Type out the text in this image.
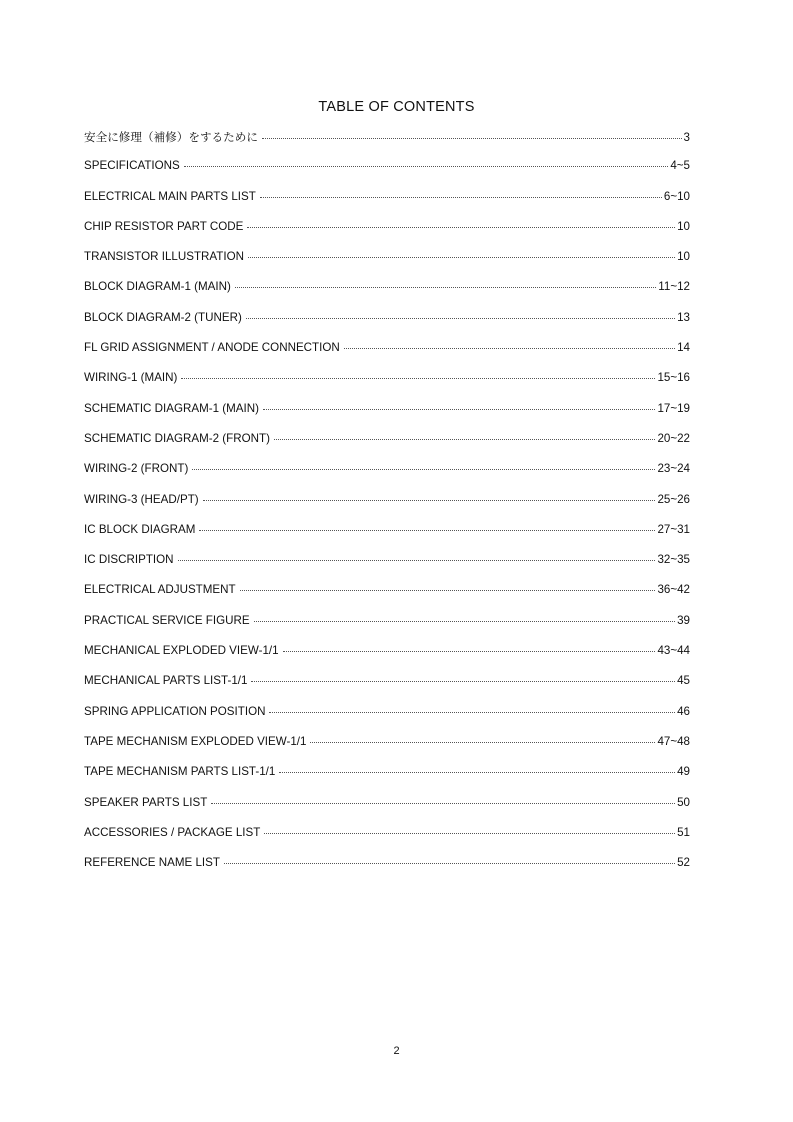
TABLE OF CONTENTS
安全に修理（補修）をするために	3
SPECIFICATIONS	4~5
ELECTRICAL MAIN PARTS LIST	6~10
CHIP RESISTOR PART CODE	10
TRANSISTOR ILLUSTRATION	10
BLOCK DIAGRAM-1 (MAIN)	11~12
BLOCK DIAGRAM-2 (TUNER)	13
FL GRID ASSIGNMENT / ANODE CONNECTION	14
WIRING-1 (MAIN)	15~16
SCHEMATIC DIAGRAM-1 (MAIN)	17~19
SCHEMATIC DIAGRAM-2 (FRONT)	20~22
WIRING-2 (FRONT)	23~24
WIRING-3 (HEAD/PT)	25~26
IC BLOCK DIAGRAM	27~31
IC DISCRIPTION	32~35
ELECTRICAL ADJUSTMENT	36~42
PRACTICAL SERVICE FIGURE	39
MECHANICAL EXPLODED VIEW-1/1	43~44
MECHANICAL PARTS LIST-1/1	45
SPRING APPLICATION POSITION	46
TAPE MECHANISM EXPLODED VIEW-1/1	47~48
TAPE MECHANISM PARTS LIST-1/1	49
SPEAKER PARTS LIST	50
ACCESSORIES / PACKAGE LIST	51
REFERENCE NAME LIST	52
2
